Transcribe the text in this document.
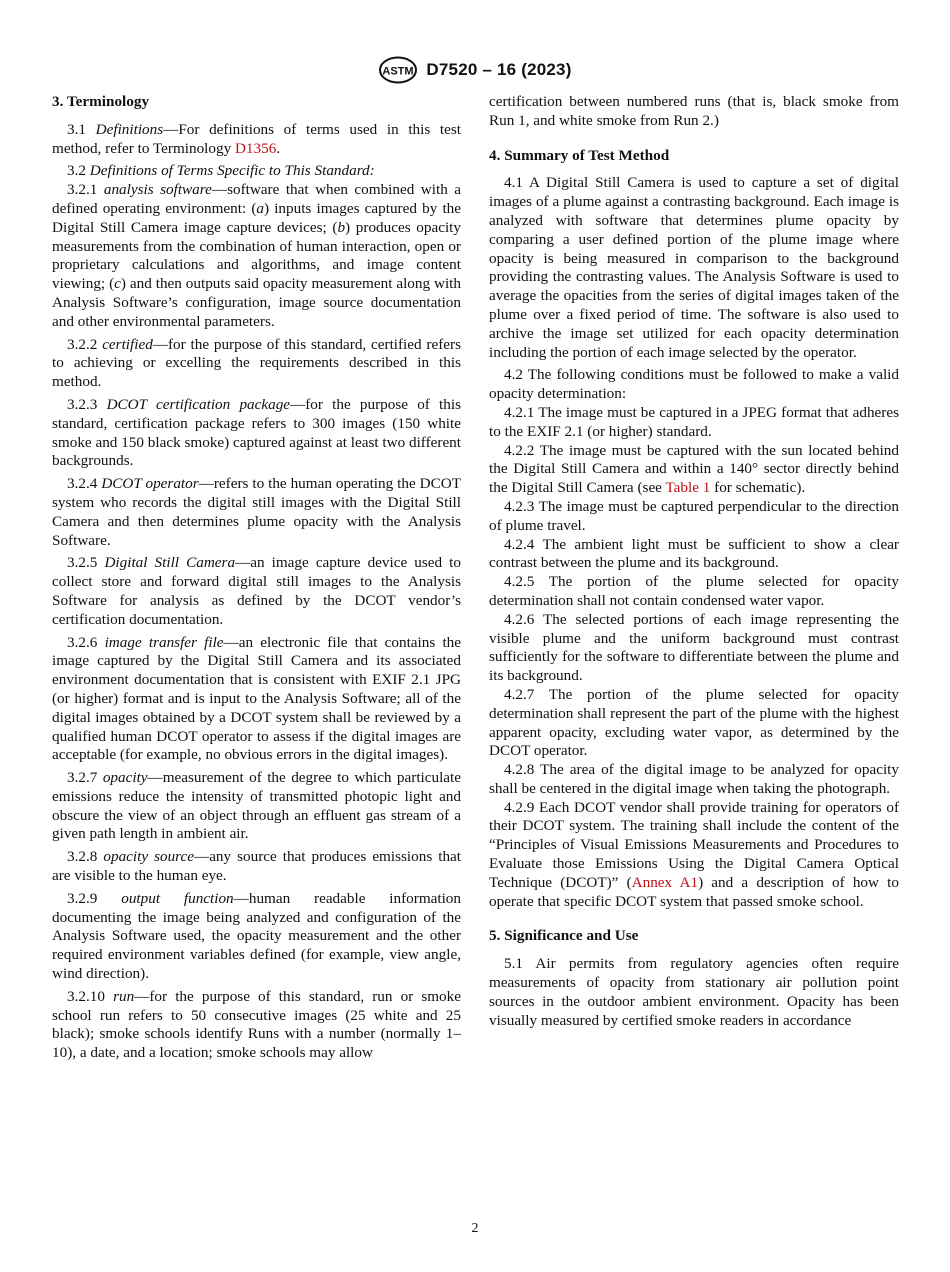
ASTM D7520 – 16 (2023)

3. Terminology

3.1 Definitions—For definitions of terms used in this test method, refer to Terminology D1356.

3.2 Definitions of Terms Specific to This Standard:

3.2.1 analysis software—software that when combined with a defined operating environment: (a) inputs images captured by the Digital Still Camera image capture devices; (b) produces opacity measurements from the combination of human interaction, open or proprietary calculations and algorithms, and image content viewing; (c) and then outputs said opacity measurement along with Analysis Software’s configuration, image source documentation and other environmental parameters.

3.2.2 certified—for the purpose of this standard, certified refers to achieving or excelling the requirements described in this method.

3.2.3 DCOT certification package—for the purpose of this standard, certification package refers to 300 images (150 white smoke and 150 black smoke) captured against at least two different backgrounds.

3.2.4 DCOT operator—refers to the human operating the DCOT system who records the digital still images with the Digital Still Camera and then determines plume opacity with the Analysis Software.

3.2.5 Digital Still Camera—an image capture device used to collect store and forward digital still images to the Analysis Software for analysis as defined by the DCOT vendor’s certification documentation.

3.2.6 image transfer file—an electronic file that contains the image captured by the Digital Still Camera and its associated environment documentation that is consistent with EXIF 2.1 JPG (or higher) format and is input to the Analysis Software; all of the digital images obtained by a DCOT system shall be reviewed by a qualified human DCOT operator to assess if the digital images are acceptable (for example, no obvious errors in the digital images).

3.2.7 opacity—measurement of the degree to which particulate emissions reduce the intensity of transmitted photopic light and obscure the view of an object through an effluent gas stream of a given path length in ambient air.

3.2.8 opacity source—any source that produces emissions that are visible to the human eye.

3.2.9 output function—human readable information documenting the image being analyzed and configuration of the Analysis Software used, the opacity measurement and the other required environment variables defined (for example, view angle, wind direction).

3.2.10 run—for the purpose of this standard, run or smoke school run refers to 50 consecutive images (25 white and 25 black); smoke schools identify Runs with a number (normally 1–10), a date, and a location; smoke schools may allow

certification between numbered runs (that is, black smoke from Run 1, and white smoke from Run 2.)

4. Summary of Test Method

4.1 A Digital Still Camera is used to capture a set of digital images of a plume against a contrasting background. Each image is analyzed with software that determines plume opacity by comparing a user defined portion of the plume image where opacity is being measured in comparison to the background providing the contrasting values. The Analysis Software is used to average the opacities from the series of digital images taken of the plume over a fixed period of time. The software is also used to archive the image set utilized for each opacity determination including the portion of each image selected by the operator.

4.2 The following conditions must be followed to make a valid opacity determination:

4.2.1 The image must be captured in a JPEG format that adheres to the EXIF 2.1 (or higher) standard.

4.2.2 The image must be captured with the sun located behind the Digital Still Camera and within a 140° sector directly behind the Digital Still Camera (see Table 1 for schematic).

4.2.3 The image must be captured perpendicular to the direction of plume travel.

4.2.4 The ambient light must be sufficient to show a clear contrast between the plume and its background.

4.2.5 The portion of the plume selected for opacity determination shall not contain condensed water vapor.

4.2.6 The selected portions of each image representing the visible plume and the uniform background must contrast sufficiently for the software to differentiate between the plume and its background.

4.2.7 The portion of the plume selected for opacity determination shall represent the part of the plume with the highest apparent opacity, excluding water vapor, as determined by the DCOT operator.

4.2.8 The area of the digital image to be analyzed for opacity shall be centered in the digital image when taking the photograph.

4.2.9 Each DCOT vendor shall provide training for operators of their DCOT system. The training shall include the content of the “Principles of Visual Emissions Measurements and Procedures to Evaluate those Emissions Using the Digital Camera Optical Technique (DCOT)” (Annex A1) and a description of how to operate that specific DCOT system that passed smoke school.

5. Significance and Use

5.1 Air permits from regulatory agencies often require measurements of opacity from stationary air pollution point sources in the outdoor ambient environment. Opacity has been visually measured by certified smoke readers in accordance

2
